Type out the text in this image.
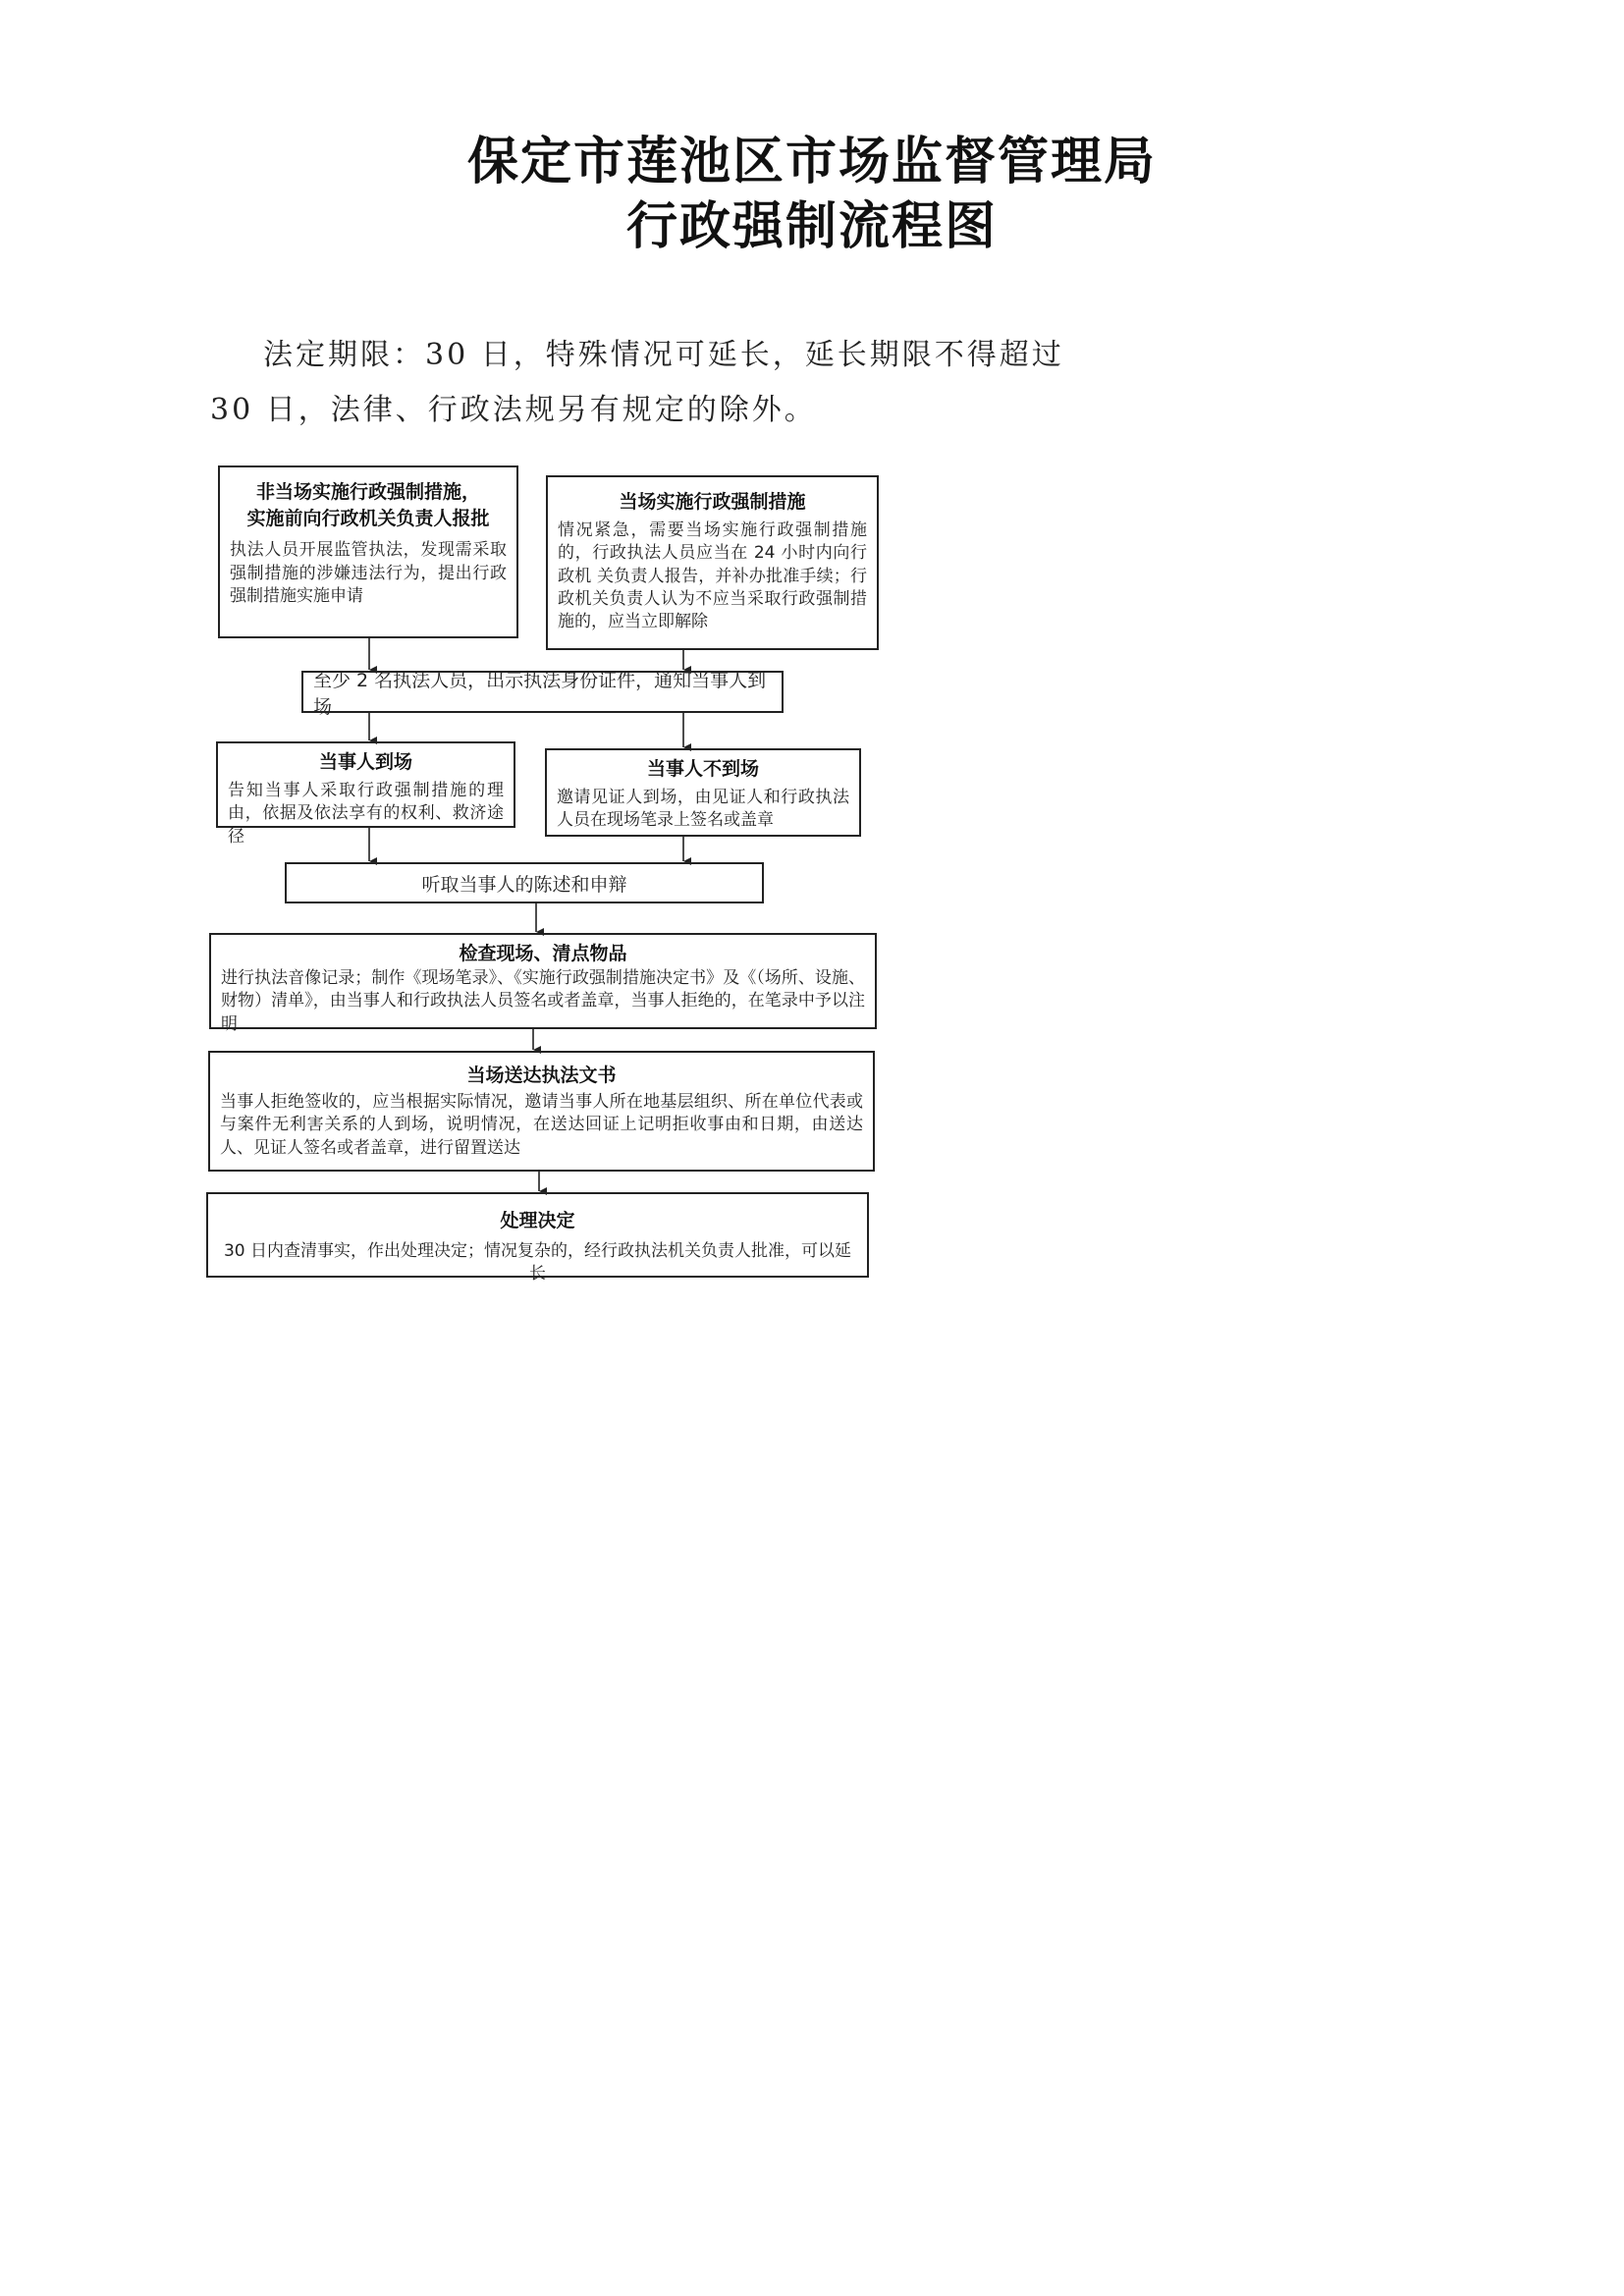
保定市莲池区市场监督管理局
行政强制流程图
法定期限：30 日，特殊情况可延长，延长期限不得超过
30 日，法律、行政法规另有规定的除外。
非当场实施行政强制措施，
实施前向行政机关负责人报批
执法人员开展监管执法，发现需采取强制措施的涉嫌违法行为，提出行政强制措施实施申请
当场实施行政强制措施
情况紧急，需要当场实施行政强制措施的，行政执法人员应当在 24 小时内向行政机 关负责人报告，并补办批准手续；行政机关负责人认为不应当采取行政强制措施的，应当立即解除
至少 2 名执法人员，出示执法身份证件，通知当事人到场
当事人到场
告知当事人采取行政强制措施的理由，依据及依法享有的权利、救济途径
当事人不到场
邀请见证人到场，由见证人和行政执法人员在现场笔录上签名或盖章
听取当事人的陈述和申辩
检查现场、清点物品
进行执法音像记录；制作《现场笔录》、《实施行政强制措施决定书》及《（场所、设施、财物）清单》，由当事人和行政执法人员签名或者盖章，当事人拒绝的，在笔录中予以注明
当场送达执法文书
当事人拒绝签收的，应当根据实际情况，邀请当事人所在地基层组织、所在单位代表或与案件无利害关系的人到场，说明情况，在送达回证上记明拒收事由和日期，由送达人、见证人签名或者盖章，进行留置送达
处理决定
30 日内查清事实，作出处理决定；情况复杂的，经行政执法机关负责人批准，可以延长
